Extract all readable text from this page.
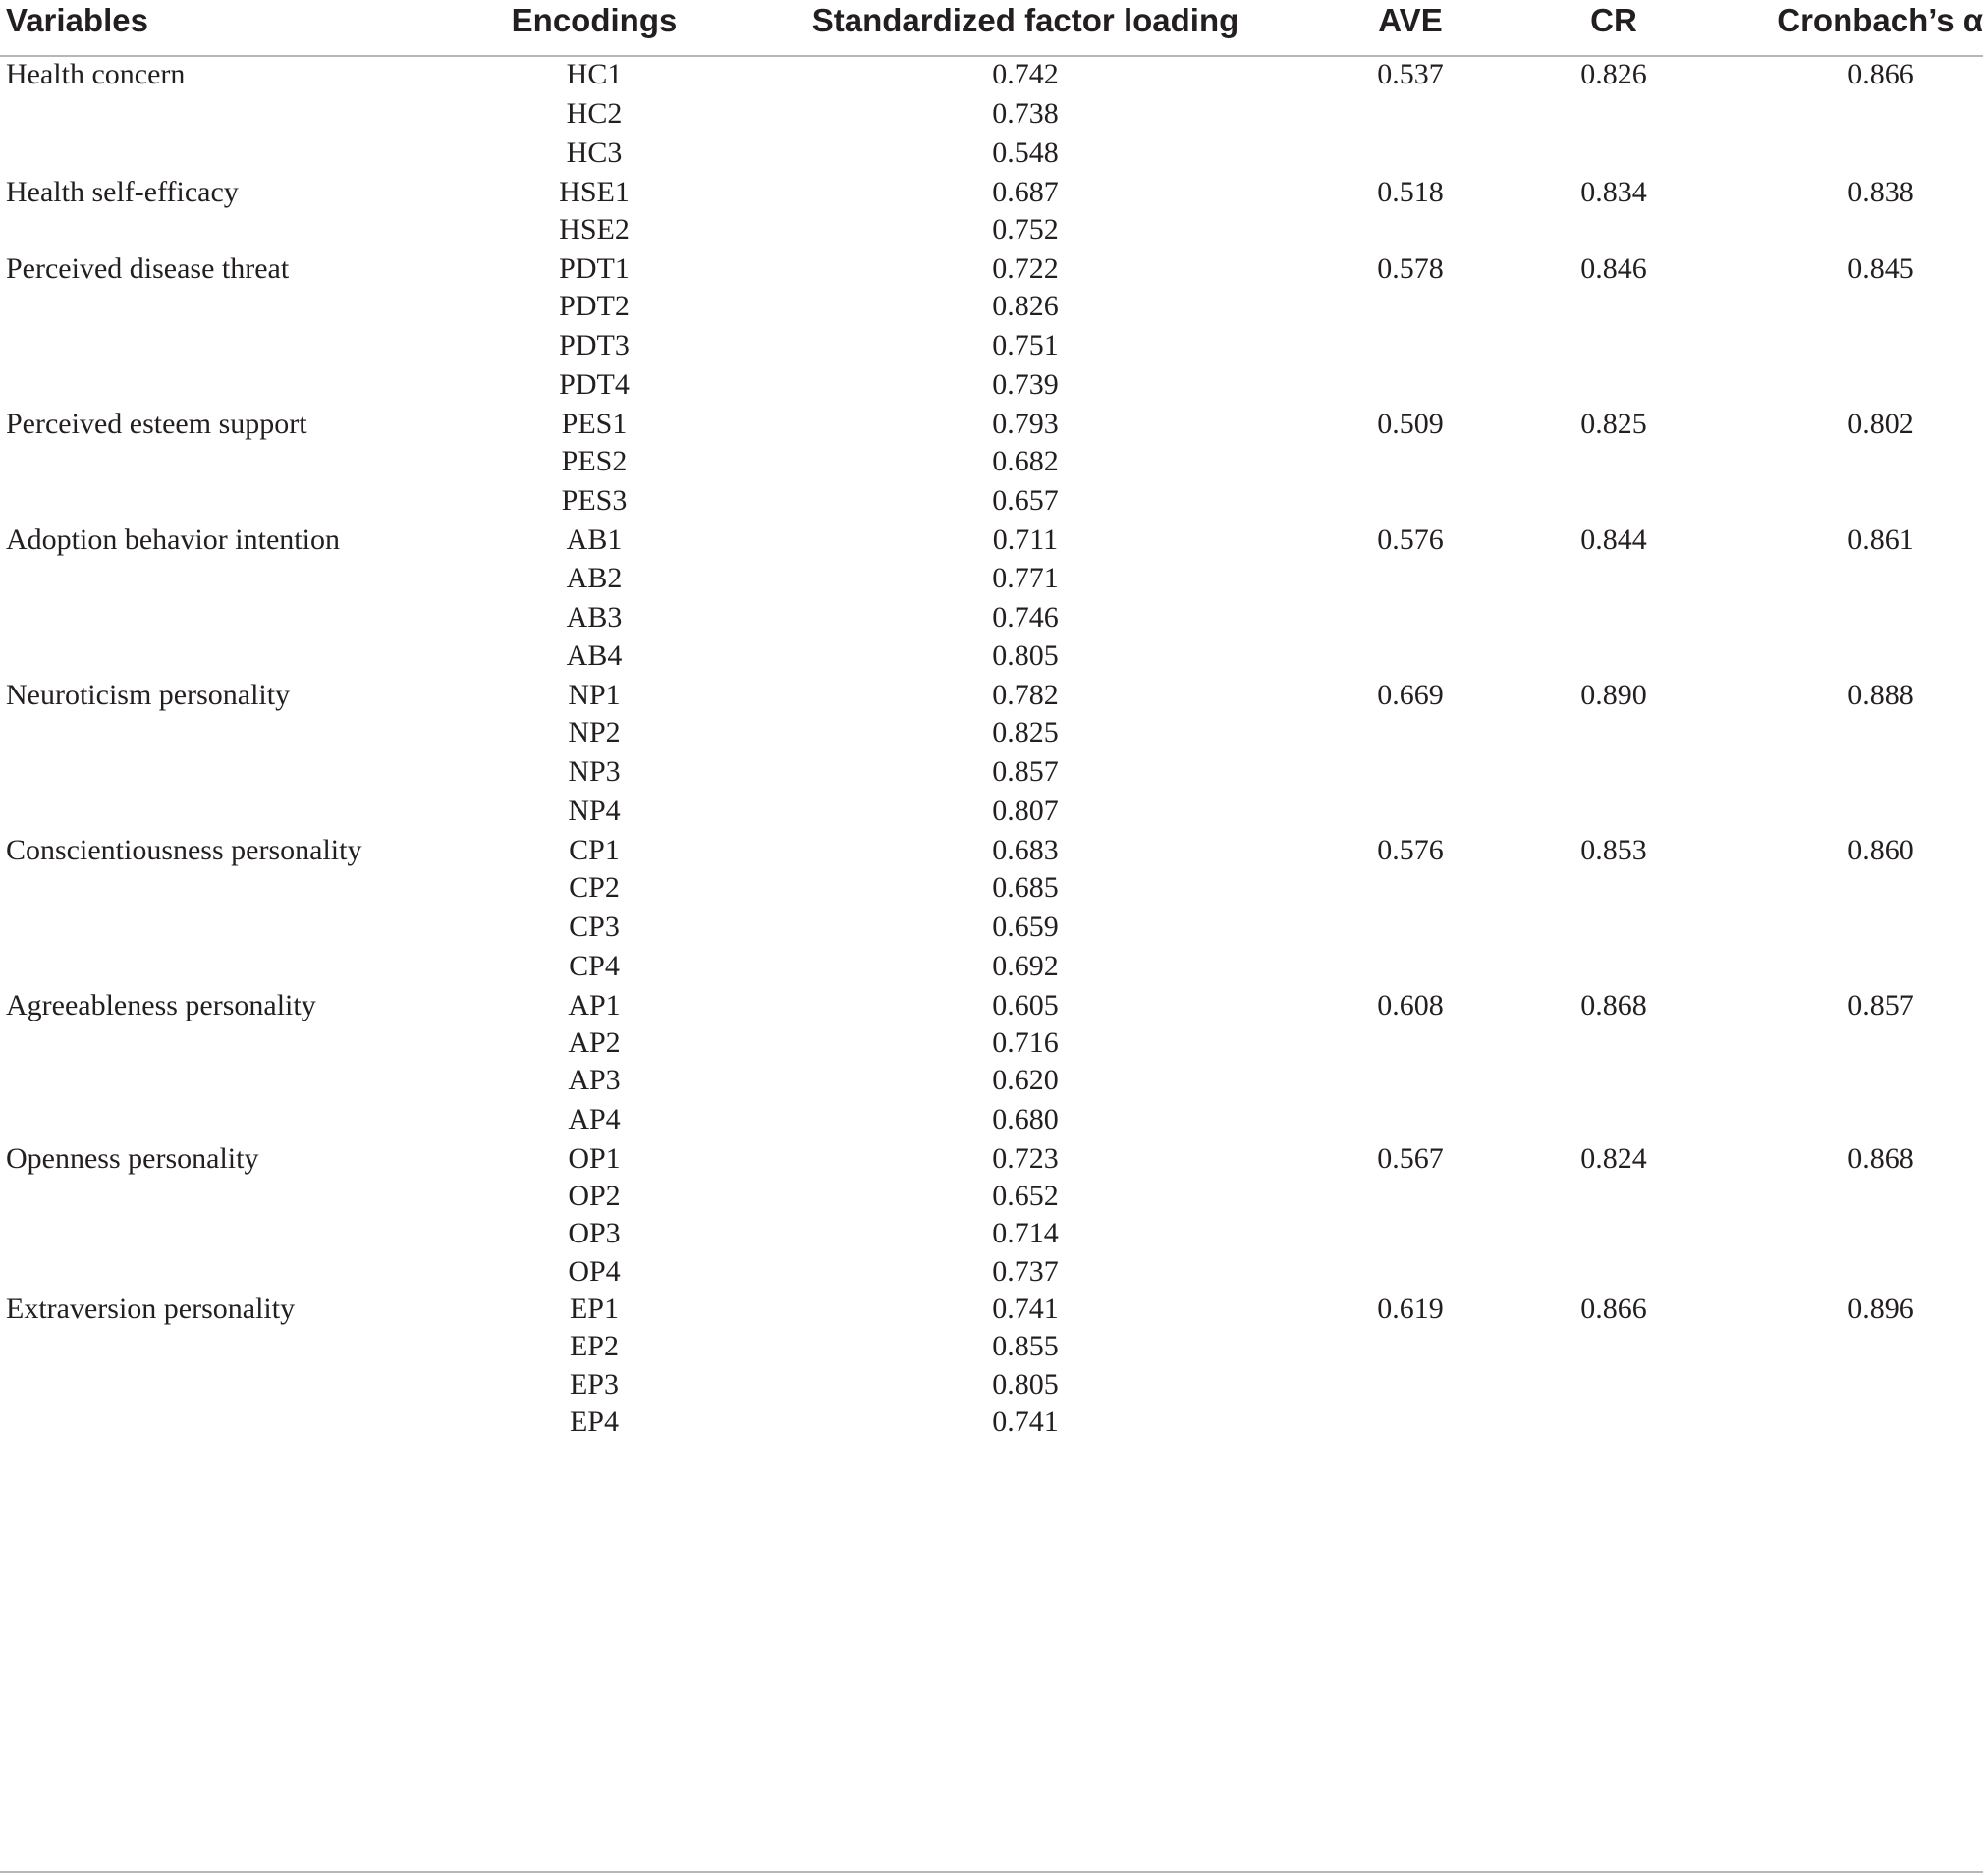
Variables	Encodings	Standardized factor loading	AVE	CR	Cronbach’s α
Health concern	HC1	0.742	0.537	0.826	0.866
HC2	0.738
HC3	0.548
Health self-efficacy	HSE1	0.687	0.518	0.834	0.838
HSE2	0.752
Perceived disease threat	PDT1	0.722	0.578	0.846	0.845
PDT2	0.826
PDT3	0.751
PDT4	0.739
Perceived esteem support	PES1	0.793	0.509	0.825	0.802
PES2	0.682
PES3	0.657
Adoption behavior intention	AB1	0.711	0.576	0.844	0.861
AB2	0.771
AB3	0.746
AB4	0.805
Neuroticism personality	NP1	0.782	0.669	0.890	0.888
NP2	0.825
NP3	0.857
NP4	0.807
Conscientiousness personality	CP1	0.683	0.576	0.853	0.860
CP2	0.685
CP3	0.659
CP4	0.692
Agreeableness personality	AP1	0.605	0.608	0.868	0.857
AP2	0.716
AP3	0.620
AP4	0.680
Openness personality	OP1	0.723	0.567	0.824	0.868
OP2	0.652
OP3	0.714
OP4	0.737
Extraversion personality	EP1	0.741	0.619	0.866	0.896
EP2	0.855
EP3	0.805
EP4	0.741
